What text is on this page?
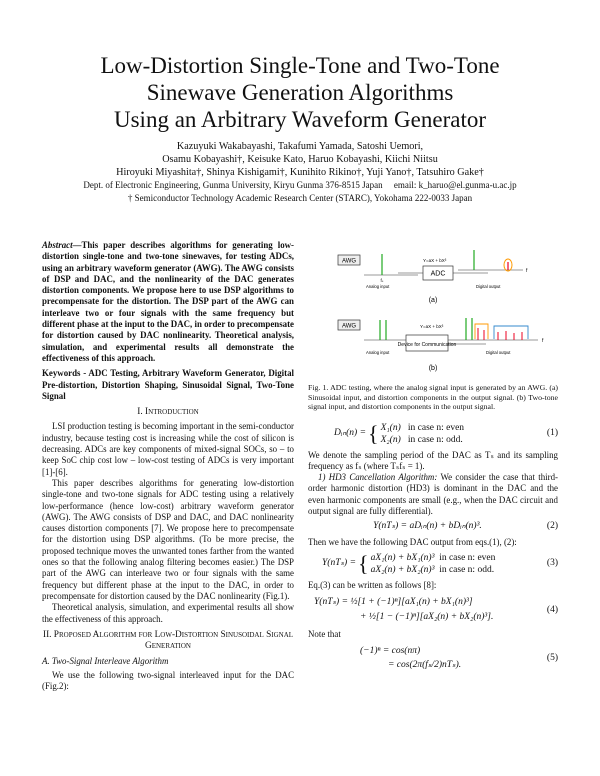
Low-Distortion Single-Tone and Two-Tone
Sinewave Generation Algorithms
Using an Arbitrary Waveform Generator
Kazuyuki Wakabayashi, Takafumi Yamada, Satoshi Uemori,
Osamu Kobayashi†, Keisuke Kato, Haruo Kobayashi, Kiichi Niitsu
Hiroyuki Miyashita†, Shinya Kishigami†, Kunihito Rikino†, Yuji Yano†, Tatsuhiro Gake†
Dept. of Electronic Engineering, Gunma University, Kiryu Gunma 376-8515 Japan     email: k_haruo@el.gunma-u.ac.jp
† Semiconductor Technology Academic Research Center (STARC), Yokohama 222-0033 Japan
Abstract—This paper describes algorithms for generating low-distortion single-tone and two-tone sinewaves, for testing ADCs, using an arbitrary waveform generator (AWG). The AWG consists of DSP and DAC, and the nonlinearity of the DAC generates distortion components. We propose here to use DSP algorithms to precompensate for the distortion. The DSP part of the AWG can interleave two or four signals with the same frequency but different phase at the input to the DAC, in order to precompensate for distortion caused by DAC nonlinearity. Theoretical analysis, simulation, and experimental results all demonstrate the effectiveness of this approach.
Keywords - ADC Testing, Arbitrary Waveform Generator, Digital Pre-distortion, Distortion Shaping, Sinusoidal Signal, Two-Tone Signal
I. Introduction

LSI production testing is becoming important in the semi-conductor industry, because testing cost is increasing while the cost of silicon is decreasing. ADCs are key components of mixed-signal SOCs, so – to keep SoC chip cost low – low-cost testing of ADCs is very important [1]-[6].

This paper describes algorithms for generating low-distortion single-tone and two-tone signals for ADC testing using a relatively low-performance (hence low-cost) arbitrary waveform generator (AWG). The AWG consists of DSP and DAC, and DAC nonlinearity causes distortion components [7]. We propose here to precompensate for the distortion using DSP algorithms. (To be more precise, the proposed technique moves the unwanted tones farther from the wanted ones so that the following analog filtering becomes easier.) The DSP part of the AWG can interleave two or four signals with the same frequency but different phase at the input to the DAC, in order to precompensate for distortion caused by the DAC nonlinearity (Fig.1).

Theoretical analysis, simulation, and experimental results all show the effectiveness of this approach.

II. Proposed Algorithm for Low-Distortion Sinusoidal Signal Generation
A. Two-Signal Interleave Algorithm

We use the following two-signal interleaved input for the DAC (Fig.2):

AWG
fₛ
ADC
Y=aX + bX³
Analog input	Digital output
f
(a)
AWG
Device for Communication
Y=aX + bX³
Analog input	Digital output
f
(b)
Fig. 1. ADC testing, where the analog signal input is generated by an AWG. (a) Sinusoidal input, and distortion components in the output signal. (b) Two-tone signal input, and distortion components in the output signal.
Dᵢₙ(n) = { X₁(n) in case n: even
X₂(n) in case n: odd.
(1)

We denote the sampling period of the DAC as Tₛ and its sampling frequency as fₛ (where Tₛfₛ = 1).

1) HD3 Cancellation Algorithm: We consider the case that third-order harmonic distortion (HD3) is dominant in the DAC and the even harmonic components are small (e.g., when the DAC circuit and output signal are fully differential).

Y(nTₛ) = aDᵢₙ(n) + bDᵢₙ(n)³.	(2)

Then we have the following DAC output from eqs.(1), (2):

Y(nTₛ) = { aX₁(n) + bX₁(n)³ in case n: even
aX₂(n) + bX₂(n)³ in case n: odd.
(3)

Eq.(3) can be written as follows [8]:

Y(nTₛ) = ½[1 + (−1)ⁿ][aX₁(n) + bX₁(n)³]
+ ½[1 − (−1)ⁿ][aX₂(n) + bX₂(n)³].
(4)

Note that

(−1)ⁿ = cos(nπ)
= cos(2π(fₛ/2)nTₛ).
(5)
